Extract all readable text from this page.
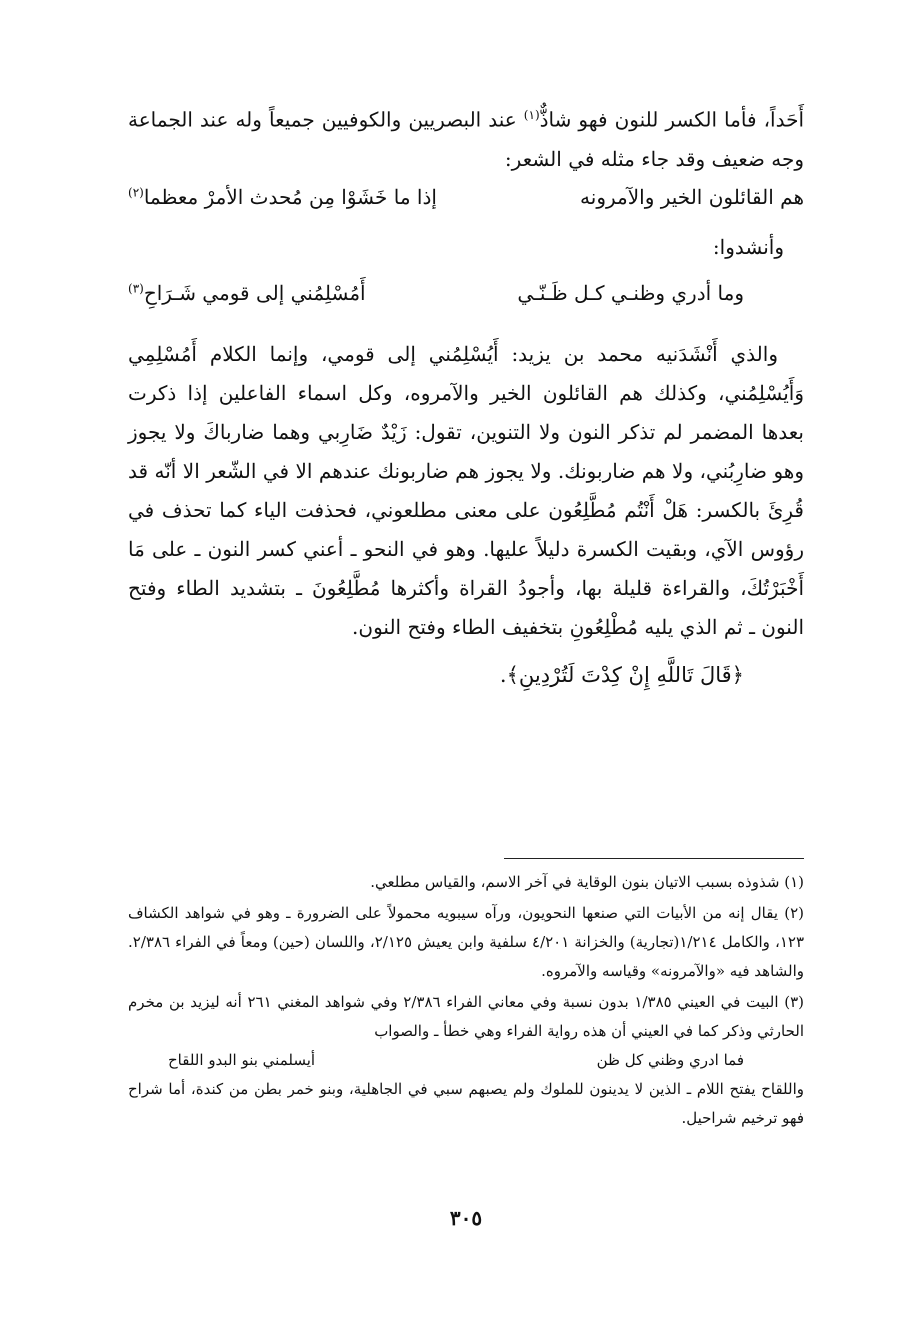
أَحَداً، فأما الكسر للنون فهو شاذٌّ$^{(١)}$ عند البصريين والكوفيين جميعاً وله عند الجماعة وجه ضعيف وقد جاء مثله في الشعر:

هم القائلون الخير والآمرونه
إذا ما خَشَوْا مِن مُحدث الأمرْ معظما$^{(٢)}$
وأنشدوا:
وما أدري وظنـي كـل ظَـنّـي
أَمُسْلِمُني إلى قومي شَـرَاحِ$^{(٣)}$

والذي أَنْشَدَنيه محمد بن يزيد: أَيُسْلِمُني إلى قومي، وإنما الكلام أَمُسْلِمِي وَأَيُسْلِمُني، وكذلك هم القائلون الخير والآمروه، وكل اسماء الفاعلين إذا ذكرت بعدها المضمر لم تذكر النون ولا التنوين، تقول: زَيْدٌ ضَارِبي وهما ضارباكَ ولا يجوز وهو ضارِبُني، ولا هم ضاربونك. ولا يجوز هم ضاربونك عندهم الا في الشّعر الا أنّه قد قُرِئَ بالكسر: هَلْ أَنْتُم مُطَّلِعُون على معنى مطلعوني، فحذفت الياء كما تحذف في رؤوس الآي، وبقيت الكسرة دليلاً عليها. وهو في النحو ـ أعني كسر النون ـ على مَا أَخْبَرْتُكَ، والقراءة قليلة بها، وأجودُ القراة وأكثرها مُطَّلِعُونَ ـ بتشديد الطاء وفتح النون ـ ثم الذي يليه مُطْلِعُونِ بتخفيف الطاء وفتح النون.

﴿قَالَ تَاللَّهِ إِنْ كِدْتَ لَتُرْدِينِ﴾.

(١) شذوذه بسبب الاتيان بنون الوقاية في آخر الاسم، والقياس مطلعي.

(٢) يقال إنه من الأبيات التي صنعها النحويون، ورآه سيبويه محمولاً على الضرورة ـ وهو في شواهد الكشاف ١٢٣، والكامل ١/٢١٤(تجارية) والخزانة ٤/٢٠١ سلفية وابن يعيش ٢/١٢٥، واللسان (حين) ومعاً في الفراء ٢/٣٨٦. والشاهد فيه «والآمرونه» وقياسه والآمروه.

(٣) البيت في العيني ١/٣٨٥ بدون نسبة وفي معاني الفراء ٢/٣٨٦ وفي شواهد المغني ٢٦١ أنه ليزيد بن مخرم الحارثي وذكر كما في العيني أن هذه رواية الفراء وهي خطأ ـ والصواب
فما ادري وظني كل ظن
أيسلمني بنو البدو اللقاح
واللقاح يفتح اللام ـ الذين لا يدينون للملوك ولم يصبهم سبي في الجاهلية، وبنو خمر بطن من كندة، أما شراح فهو ترخيم شراحيل.
٣٠٥
